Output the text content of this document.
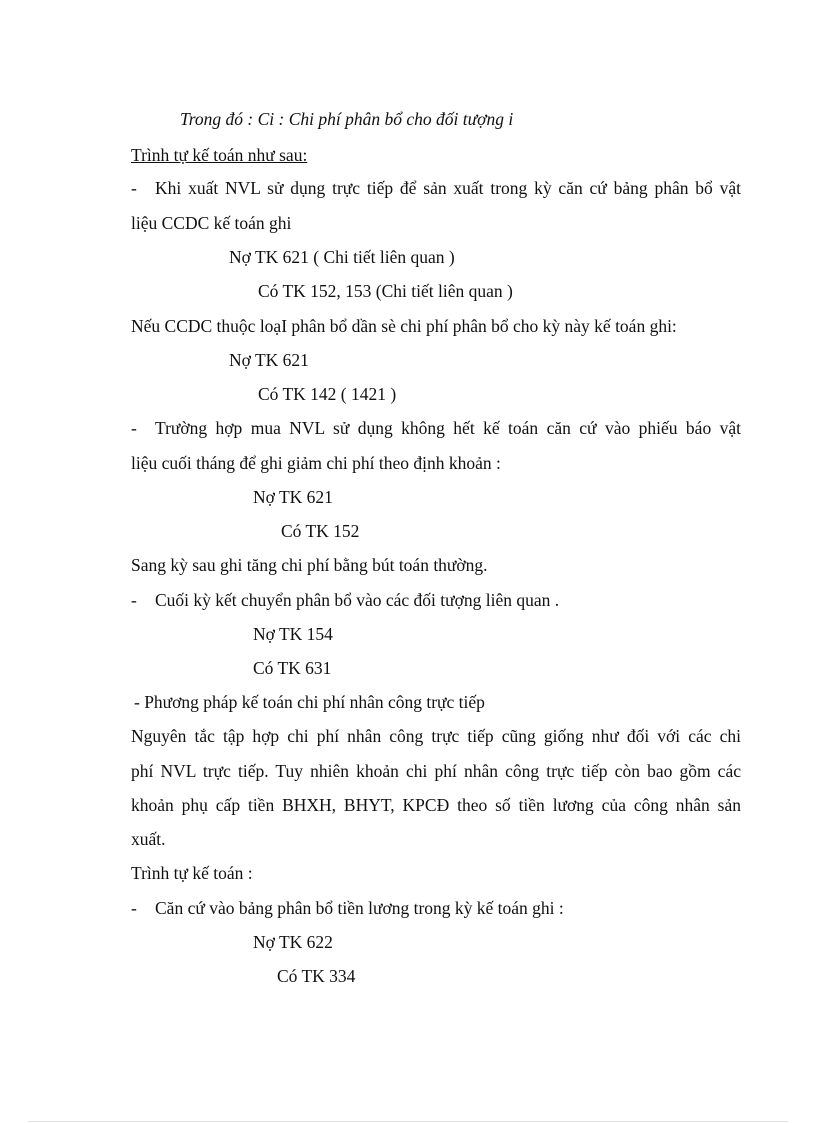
Trong đó : Ci : Chi phí phân bổ cho đối tượng i
Trình tự kế toán như sau:
- Khi xuất NVL sử dụng trực tiếp để sản xuất trong kỳ căn cứ bảng phân bổ vật
liệu CCDC kế toán ghi
Nợ TK 621 ( Chi tiết liên quan )
Có TK 152, 153 (Chi tiết liên quan )
Nếu CCDC thuộc loạI phân bổ dần sè chi phí phân bổ cho kỳ này kế toán ghi:
Nợ TK 621
Có TK 142 ( 1421 )
- Trường hợp mua NVL sử dụng không hết kế toán căn cứ vào phiếu báo vật
liệu cuối tháng để ghi giảm chi phí theo định khoản :
Nợ TK 621
Có TK 152
Sang kỳ sau ghi tăng chi phí bằng bút toán thường.
- Cuối kỳ kết chuyển phân bổ vào các đối tượng liên quan .
Nợ TK 154
Có TK 631
- Phương pháp kế toán chi phí nhân công trực tiếp
Nguyên tắc tập hợp chi phí nhân công trực tiếp cũng giống như đối với các chi
phí NVL trực tiếp. Tuy nhiên khoản chi phí nhân công trực tiếp còn bao gồm các
khoản phụ cấp tiền BHXH, BHYT, KPCĐ theo số tiền lương của công nhân sản
xuất.
Trình tự kế toán :
- Căn cứ vào bảng phân bổ tiền lương trong kỳ kế toán ghi :
Nợ TK 622
Có TK 334
